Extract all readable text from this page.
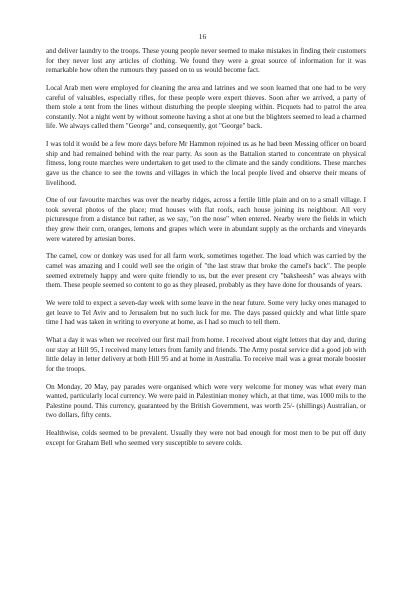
16

and deliver laundry to the troops. These young people never seemed to make mistakes in finding their customers for they never lost any articles of clothing. We found they were a great source of information for it was remarkable how often the rumours they passed on to us would become fact.

Local Arab men were employed for cleaning the area and latrines and we soon learned that one had to be very careful of valuables, especially rifles, for these people were expert thieves. Soon after we arrived, a party of them stole a tent from the lines without disturbing the people sleeping within. Picquets had to patrol the area constantly. Not a night went by without someone having a shot at one but the blighters seemed to lead a charmed life. We always called them "George" and, consequently, got "George" back.

I was told it would be a few more days before Mr Hammon rejoined us as he had been Messing officer on board ship and had remained behind with the rear party. As soon as the Battalion started to concentrate on physical fitness, long route marches were undertaken to get used to the climate and the sandy conditions. These marches gave us the chance to see the towns and villages in which the local people lived and observe their means of livelihood.

One of our favourite marches was over the nearby ridges, across a fertile little plain and on to a small village. I took several photos of the place; mud houses with flat roofs, each house joining its neighbour. All very picturesque from a distance but rather, as we say, "on the nose" when entered. Nearby were the fields in which they grew their corn, oranges, lemons and grapes which were in abundant supply as the orchards and vineyards were watered by artesian bores.

The camel, cow or donkey was used for all farm work, sometimes together. The load which was carried by the camel was amazing and I could well see the origin of "the last straw that broke the camel's back". The people seemed extremely happy and were quite friendly to us, but the ever present cry "baksheesh" was always with them. These people seemed so content to go as they pleased, probably as they have done for thousands of years.

We were told to expect a seven-day week with some leave in the near future. Some very lucky ones managed to get leave to Tel Aviv and to Jerusalem but no such luck for me. The days passed quickly and what little spare time I had was taken in writing to everyone at home, as I had so much to tell them.

What a day it was when we received our first mail from home. I received about eight letters that day and, during our stay at Hill 95, I received many letters from family and friends. The Army postal service did a good job with little delay in letter delivery at both Hill 95 and at home in Australia. To receive mail was a great morale booster for the troops.

On Monday, 20 May, pay parades were organised which were very welcome for money was what every man wanted, particularly local currency. We were paid in Palestinian money which, at that time, was 1000 mils to the Palestine pound. This currency, guaranteed by the British Government, was worth 25/- (shillings) Australian, or two dollars, fifty cents.

Healthwise, colds seemed to be prevalent. Usually they were not bad enough for most men to be put off duty except for Graham Bell who seemed very susceptible to severe colds.
